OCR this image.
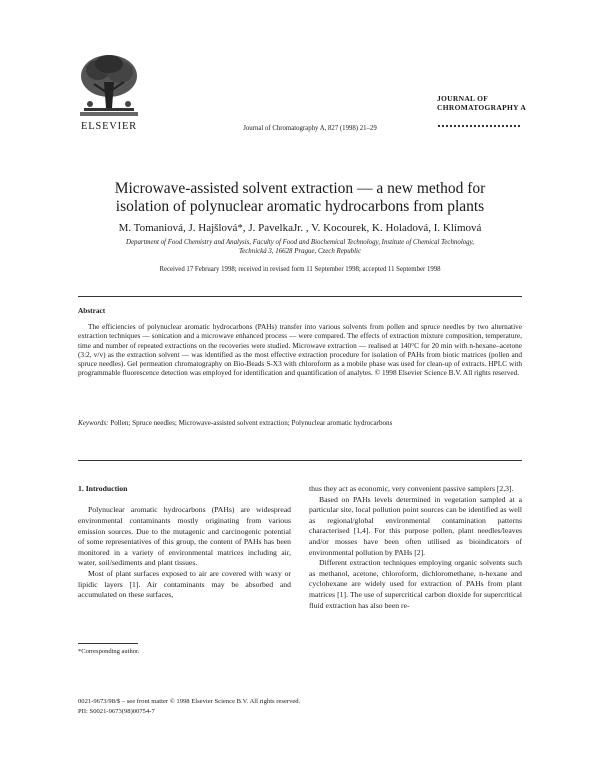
ELSEVIER	Journal of Chromatography A, 827 (1998) 21–29
JOURNAL OF
CHROMATOGRAPHY A
Microwave-assisted solvent extraction — a new method for
isolation of polynuclear aromatic hydrocarbons from plants
M. Tomaniová, J. Hajšlová*, J. PavelkaJr. , V. Kocourek, K. Holadová, I. Klímová
Department of Food Chemistry and Analysis, Faculty of Food and Biochemical Technology, Institute of Chemical Technology,
Technická 3, 16628 Prague, Czech Republic
Received 17 February 1998; received in revised form 11 September 1998; accepted 11 September 1998
Abstract
The efficiencies of polynuclear aromatic hydrocarbons (PAHs) transfer into various solvents from pollen and spruce needles by two alternative extraction techniques — sonication and a microwave enhanced process — were compared. The effects of extraction mixture composition, temperature, time and number of repeated extractions on the recoveries were studied. Microwave extraction — realised at 140°C for 20 min with n-hexane–acetone (3:2, v/v) as the extraction solvent — was identified as the most effective extraction procedure for isolation of PAHs from biotic matrices (pollen and spruce needles). Gel permeation chromatography on Bio-Beads S-X3 with chloroform as a mobile phase was used for clean-up of extracts. HPLC with programmable fluorescence detection was employed for identification and quantification of analytes. © 1998 Elsevier Science B.V. All rights reserved.
Keywords: Pollen; Spruce needles; Microwave-assisted solvent extraction; Polynuclear aromatic hydrocarbons
1. Introduction

Polynuclear aromatic hydrocarbons (PAHs) are widespread environmental contaminants mostly originating from various emission sources. Due to the mutagenic and carcinogenic potential of some representatives of this group, the content of PAHs has been monitored in a variety of environmental matrices including air, water, soil/sediments and plant tissues.

Most of plant surfaces exposed to air are covered with waxy or lipidic layers [1]. Air contaminants may be absorbed and accumulated on these surfaces,

thus they act as economic, very convenient passive samplers [2,3].

Based on PAHs levels determined in vegetation sampled at a particular site, local pollution point sources can be identified as well as regional/global environmental contamination patterns characterised [1,4]. For this purpose pollen, plant needles/leaves and/or mosses have been often utilised as bioindicators of environmental pollution by PAHs [2].

Different extraction techniques employing organic solvents such as methanol, acetone, chloroform, dichloromethane, n-hexane and cyclohexane are widely used for extraction of PAHs from plant matrices [1]. The use of supercritical carbon dioxide for supercritical fluid extraction has also been re-

*Corresponding author.
0021-9673/98/$ – see front matter © 1998 Elsevier Science B.V. All rights reserved.
PII: S0021-9673(98)00754-7
